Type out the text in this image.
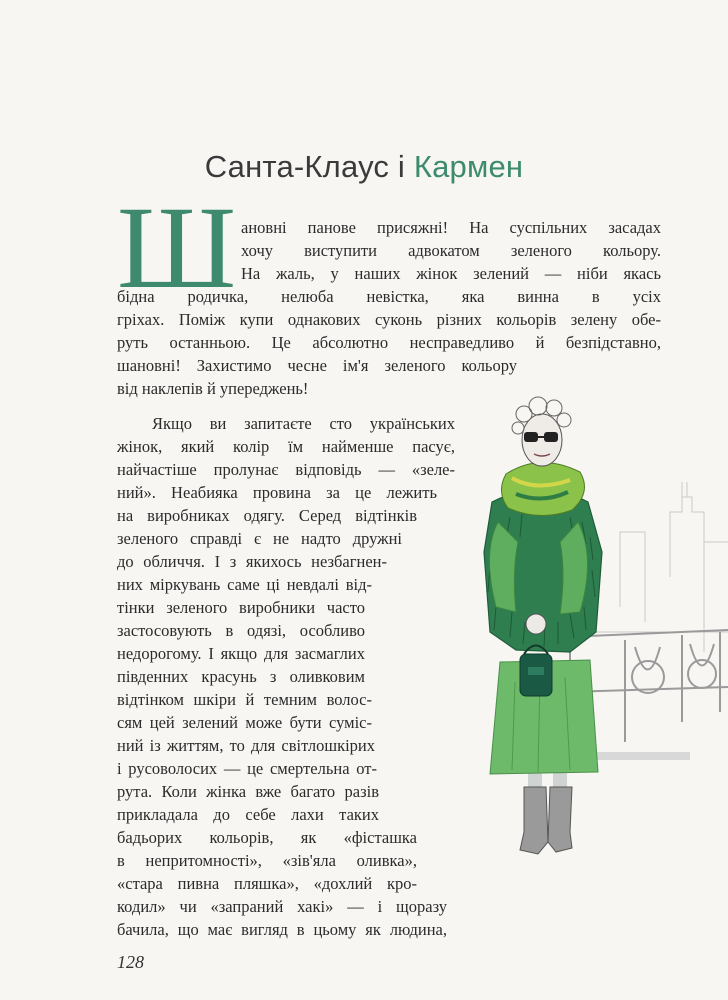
Санта-Клаус і Кармен
Ш ановні панове присяжні! На суспільних засадах
хочу виступити адвокатом зеленого кольору.
На жаль, у наших жінок зелений — ніби якась
бідна родичка, нелюба невістка, яка винна в усіх
гріхах. Поміж купи однакових суконь різних кольорів зелену обе-
руть останньою. Це абсолютно несправедливо й безпідставно,
шановні! Захистимо чесне ім'я зеленого кольору
від наклепів й упереджень!
Якщо ви запитаєте сто українських
жінок, який колір їм найменше пасує,
найчастіше пролунає відповідь — «зеле-
ний». Неабияка провина за це лежить
на виробниках одягу. Серед відтінків
зеленого справді є не надто дружні
до обличчя. І з якихось незбагнен-
них міркувань саме ці невдалі від-
тінки зеленого виробники часто
застосовують в одязі, особливо
недорогому. І якщо для засмаглих
південних красунь з оливковим
відтінком шкіри й темним волос-
сям цей зелений може бути суміс-
ний із життям, то для світлошкірих
і русоволосих — це смертельна от-
рута. Коли жінка вже багато разів
прикладала до себе лахи таких
бадьорих кольорів, як «фісташка
в непритомності», «зів'яла оливка»,
«стара пивна пляшка», «дохлий кро-
кодил» чи «запраний хакі» — і щоразу
бачила, що має вигляд в цьому як людина,
128
